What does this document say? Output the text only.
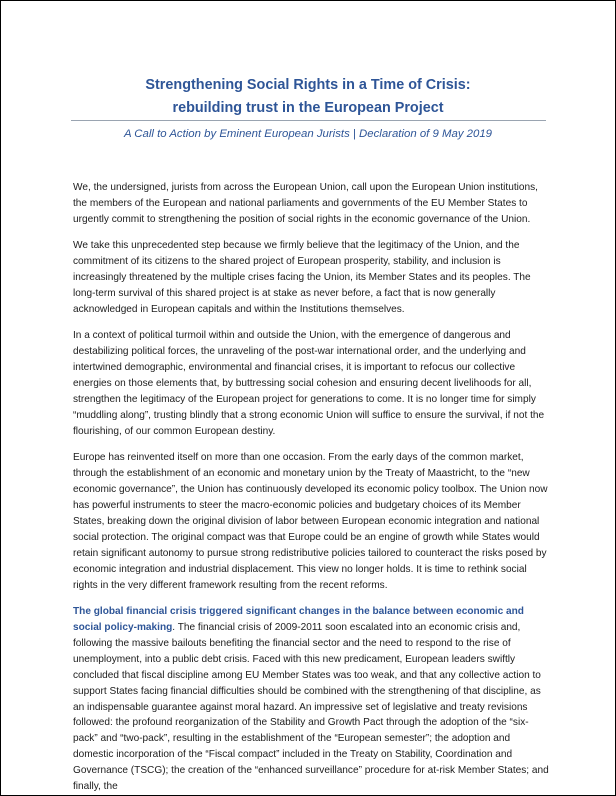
Strengthening Social Rights in a Time of Crisis:
rebuilding trust in the European Project

A Call to Action by Eminent European Jurists | Declaration of 9 May 2019

We, the undersigned, jurists from across the European Union, call upon the European Union institutions, the members of the European and national parliaments and governments of the EU Member States to urgently commit to strengthening the position of social rights in the economic governance of the Union.

We take this unprecedented step because we firmly believe that the legitimacy of the Union, and the commitment of its citizens to the shared project of European prosperity, stability, and inclusion is increasingly threatened by the multiple crises facing the Union, its Member States and its peoples. The long-term survival of this shared project is at stake as never before, a fact that is now generally acknowledged in European capitals and within the Institutions themselves.

In a context of political turmoil within and outside the Union, with the emergence of dangerous and destabilizing political forces, the unraveling of the post-war international order, and the underlying and intertwined demographic, environmental and financial crises, it is important to refocus our collective energies on those elements that, by buttressing social cohesion and ensuring decent livelihoods for all, strengthen the legitimacy of the European project for generations to come. It is no longer time for simply “muddling along”, trusting blindly that a strong economic Union will suffice to ensure the survival, if not the flourishing, of our common European destiny.

Europe has reinvented itself on more than one occasion. From the early days of the common market, through the establishment of an economic and monetary union by the Treaty of Maastricht, to the “new economic governance”, the Union has continuously developed its economic policy toolbox. The Union now has powerful instruments to steer the macro-economic policies and budgetary choices of its Member States, breaking down the original division of labor between European economic integration and national social protection. The original compact was that Europe could be an engine of growth while States would retain significant autonomy to pursue strong redistributive policies tailored to counteract the risks posed by economic integration and industrial displacement. This view no longer holds. It is time to rethink social rights in the very different framework resulting from the recent reforms.

The global financial crisis triggered significant changes in the balance between economic and social policy-making. The financial crisis of 2009-2011 soon escalated into an economic crisis and, following the massive bailouts benefiting the financial sector and the need to respond to the rise of unemployment, into a public debt crisis. Faced with this new predicament, European leaders swiftly concluded that fiscal discipline among EU Member States was too weak, and that any collective action to support States facing financial difficulties should be combined with the strengthening of that discipline, as an indispensable guarantee against moral hazard. An impressive set of legislative and treaty revisions followed: the profound reorganization of the Stability and Growth Pact through the adoption of the “six-pack” and “two-pack”, resulting in the establishment of the “European semester”; the adoption and domestic incorporation of the “Fiscal compact” included in the Treaty on Stability, Coordination and Governance (TSCG); the creation of the “enhanced surveillance” procedure for at-risk Member States; and finally, the
